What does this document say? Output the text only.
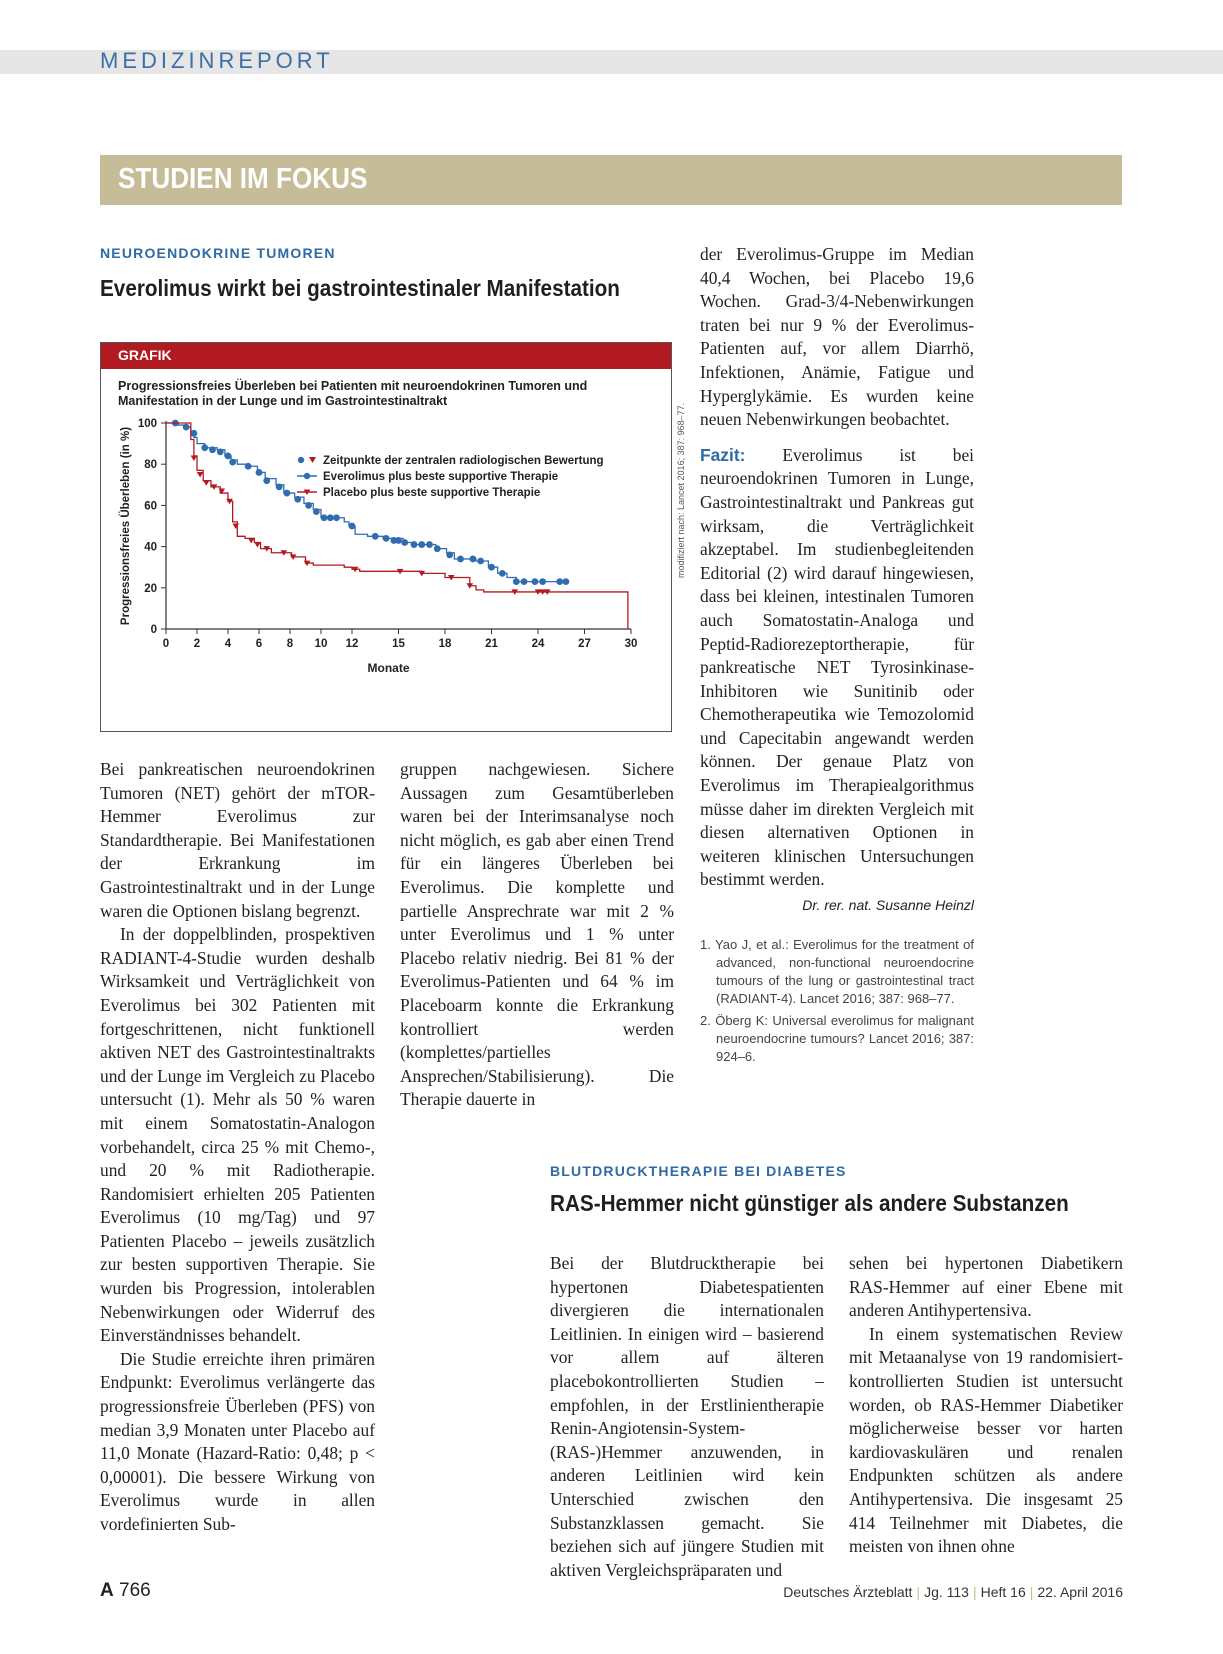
MEDIZINREPORT
STUDIEN IM FOKUS
NEUROENDOKRINE TUMOREN
Everolimus wirkt bei gastrointestinaler Manifestation
GRAFIK
Progressionsfreies Überleben bei Patienten mit neuroendokrinen Tumoren und Manifestation in der Lunge und im Gastrointestinaltrakt
0
20
40
60
80
100
0 2 4 6 8 10 12	15	18	21	24	27	30
Monate
Progressionsfreies Überleben (in %)	Zeitpunkte der zentralen radiologischen Bewertung
Everolimus plus beste supportive Therapie
Placebo plus beste supportive Therapie	modifiziert nach: Lancet 2016; 387: 968–77.

Bei pankreatischen neuroendokrinen Tumoren (NET) gehört der mTOR-Hemmer Everolimus zur Standardtherapie. Bei Manifestationen der Erkrankung im Gastrointestinaltrakt und in der Lunge waren die Optionen bislang begrenzt.

In der doppelblinden, prospektiven RADIANT-4-Studie wurden deshalb Wirksamkeit und Verträglichkeit von Everolimus bei 302 Patienten mit fortgeschrittenen, nicht funktionell aktiven NET des Gastrointestinaltrakts und der Lunge im Vergleich zu Placebo untersucht (1). Mehr als 50 % waren mit einem Somatostatin-Analogon vorbehandelt, circa 25 % mit Chemo-, und 20 % mit Radiotherapie. Randomisiert erhielten 205 Patienten Everolimus (10 mg/Tag) und 97 Patienten Placebo – jeweils zusätzlich zur besten supportiven Therapie. Sie wurden bis Progression, intolerablen Nebenwirkungen oder Widerruf des Einverständnisses behandelt.

Die Studie erreichte ihren primären Endpunkt: Everolimus verlängerte das progressionsfreie Überleben (PFS) von median 3,9 Monaten unter Placebo auf 11,0 Monate (Hazard-Ratio: 0,48; p < 0,00001). Die bessere Wirkung von Everolimus wurde in allen vordefinierten Sub-

gruppen nachgewiesen. Sichere Aussagen zum Gesamtüberleben waren bei der Interimsanalyse noch nicht möglich, es gab aber einen Trend für ein längeres Überleben bei Everolimus. Die komplette und partielle Ansprechrate war mit 2 % unter Everolimus und 1 % unter Placebo relativ niedrig. Bei 81 % der Everolimus-Patienten und 64 % im Placeboarm konnte die Erkrankung kontrolliert werden (komplettes/partielles Ansprechen/Stabilisierung). Die Therapie dauerte in

der Everolimus-Gruppe im Median 40,4 Wochen, bei Placebo 19,6 Wochen. Grad-3/4-Nebenwirkungen traten bei nur 9 % der Everolimus-Patienten auf, vor allem Diarrhö, Infektionen, Anämie, Fatigue und Hyperglykämie. Es wurden keine neuen Nebenwirkungen beobachtet.

Fazit: Everolimus ist bei neuroendokrinen Tumoren in Lunge, Gastrointestinaltrakt und Pankreas gut wirksam, die Verträglichkeit akzeptabel. Im studienbegleitenden Editorial (2) wird darauf hingewiesen, dass bei kleinen, intestinalen Tumoren auch Somatostatin-Analoga und Peptid-Radiorezeptortherapie, für pankreatische NET Tyrosinkinase-Inhibitoren wie Sunitinib oder Chemotherapeutika wie Temozolomid und Capecitabin angewandt werden können. Der genaue Platz von Everolimus im Therapiealgorithmus müsse daher im direkten Vergleich mit diesen alternativen Optionen in weiteren klinischen Untersuchungen bestimmt werden.

Dr. rer. nat. Susanne Heinzl
1. Yao J, et al.: Everolimus for the treatment of advanced, non-functional neuroendocrine tumours of the lung or gastrointestinal tract (RADIANT-4). Lancet 2016; 387: 968–77.
2. Öberg K: Universal everolimus for malignant neuroendocrine tumours? Lancet 2016; 387: 924–6.
BLUTDRUCKTHERAPIE BEI DIABETES
RAS-Hemmer nicht günstiger als andere Substanzen

Bei der Blutdrucktherapie bei hypertonen Diabetespatienten divergieren die internationalen Leitlinien. In einigen wird – basierend vor allem auf älteren placebokontrollierten Studien – empfohlen, in der Erstlinientherapie Renin-Angiotensin-System-(RAS-)Hemmer anzuwenden, in anderen Leitlinien wird kein Unterschied zwischen den Substanzklassen gemacht. Sie beziehen sich auf jüngere Studien mit aktiven Vergleichspräparaten und

sehen bei hypertonen Diabetikern RAS-Hemmer auf einer Ebene mit anderen Antihypertensiva.

In einem systematischen Review mit Metaanalyse von 19 randomisiert-kontrollierten Studien ist untersucht worden, ob RAS-Hemmer Diabetiker möglicherweise besser vor harten kardiovaskulären und renalen Endpunkten schützen als andere Antihypertensiva. Die insgesamt 25 414 Teilnehmer mit Diabetes, die meisten von ihnen ohne

A 766	Deutsches Ärzteblatt | Jg. 113 | Heft 16 | 22. April 2016
